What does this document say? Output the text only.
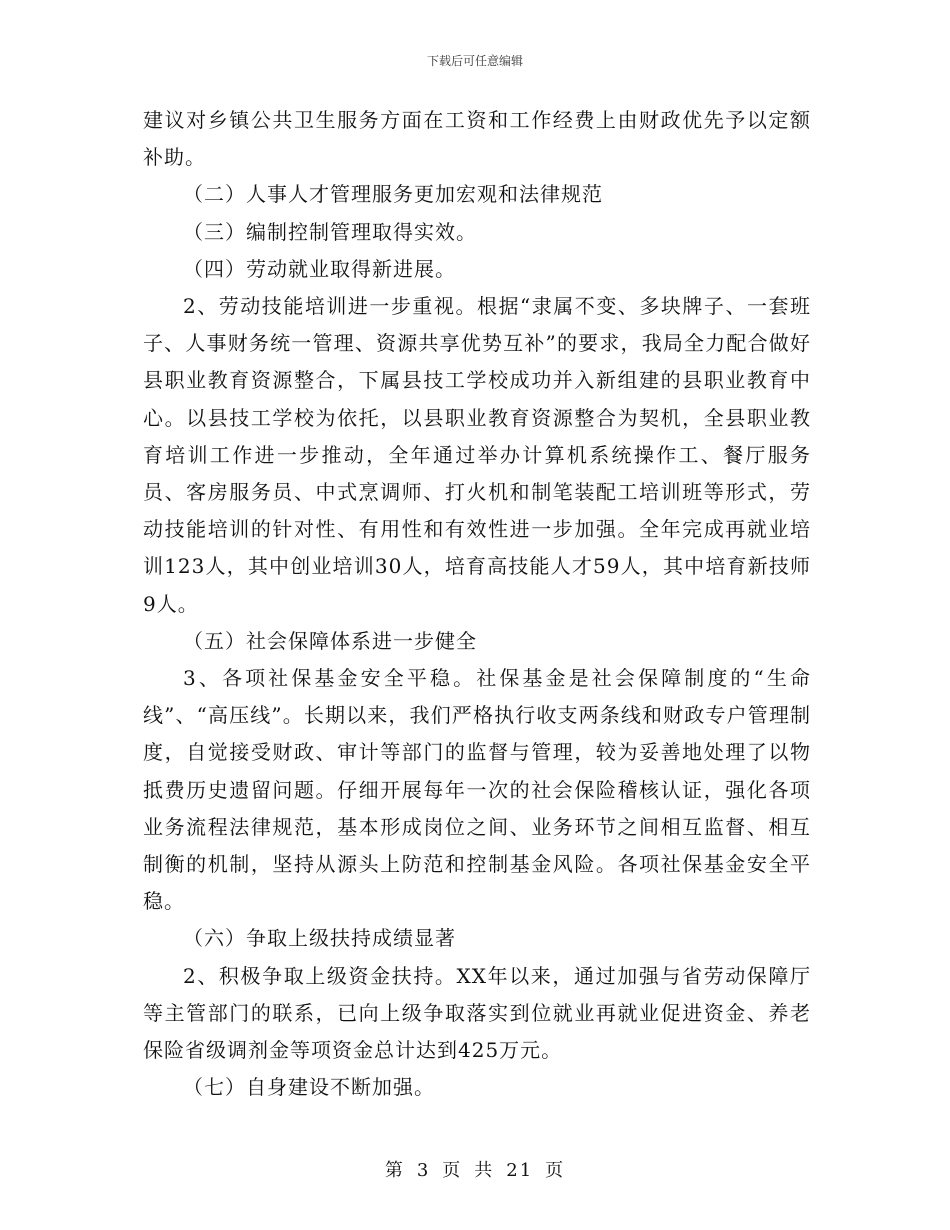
下载后可任意编辑

建议对乡镇公共卫生服务方面在工资和工作经费上由财政优先予以定额补助。

（二）人事人才管理服务更加宏观和法律规范

（三）编制控制管理取得实效。

（四）劳动就业取得新进展。

2、劳动技能培训进一步重视。根据“隶属不变、多块牌子、一套班子、人事财务统一管理、资源共享优势互补”的要求，我局全力配合做好县职业教育资源整合，下属县技工学校成功并入新组建的县职业教育中心。以县技工学校为依托，以县职业教育资源整合为契机，全县职业教育培训工作进一步推动，全年通过举办计算机系统操作工、餐厅服务员、客房服务员、中式烹调师、打火机和制笔装配工培训班等形式，劳动技能培训的针对性、有用性和有效性进一步加强。全年完成再就业培训123人，其中创业培训30人，培育高技能人才59人，其中培育新技师9人。

（五）社会保障体系进一步健全

3、各项社保基金安全平稳。社保基金是社会保障制度的“生命线”、“高压线”。长期以来，我们严格执行收支两条线和财政专户管理制度，自觉接受财政、审计等部门的监督与管理，较为妥善地处理了以物抵费历史遗留问题。仔细开展每年一次的社会保险稽核认证，强化各项业务流程法律规范，基本形成岗位之间、业务环节之间相互监督、相互制衡的机制，坚持从源头上防范和控制基金风险。各项社保基金安全平稳。

（六）争取上级扶持成绩显著

2、积极争取上级资金扶持。XX年以来，通过加强与省劳动保障厅等主管部门的联系，已向上级争取落实到位就业再就业促进资金、养老保险省级调剂金等项资金总计达到425万元。

（七）自身建设不断加强。

第 3 页 共 21 页
